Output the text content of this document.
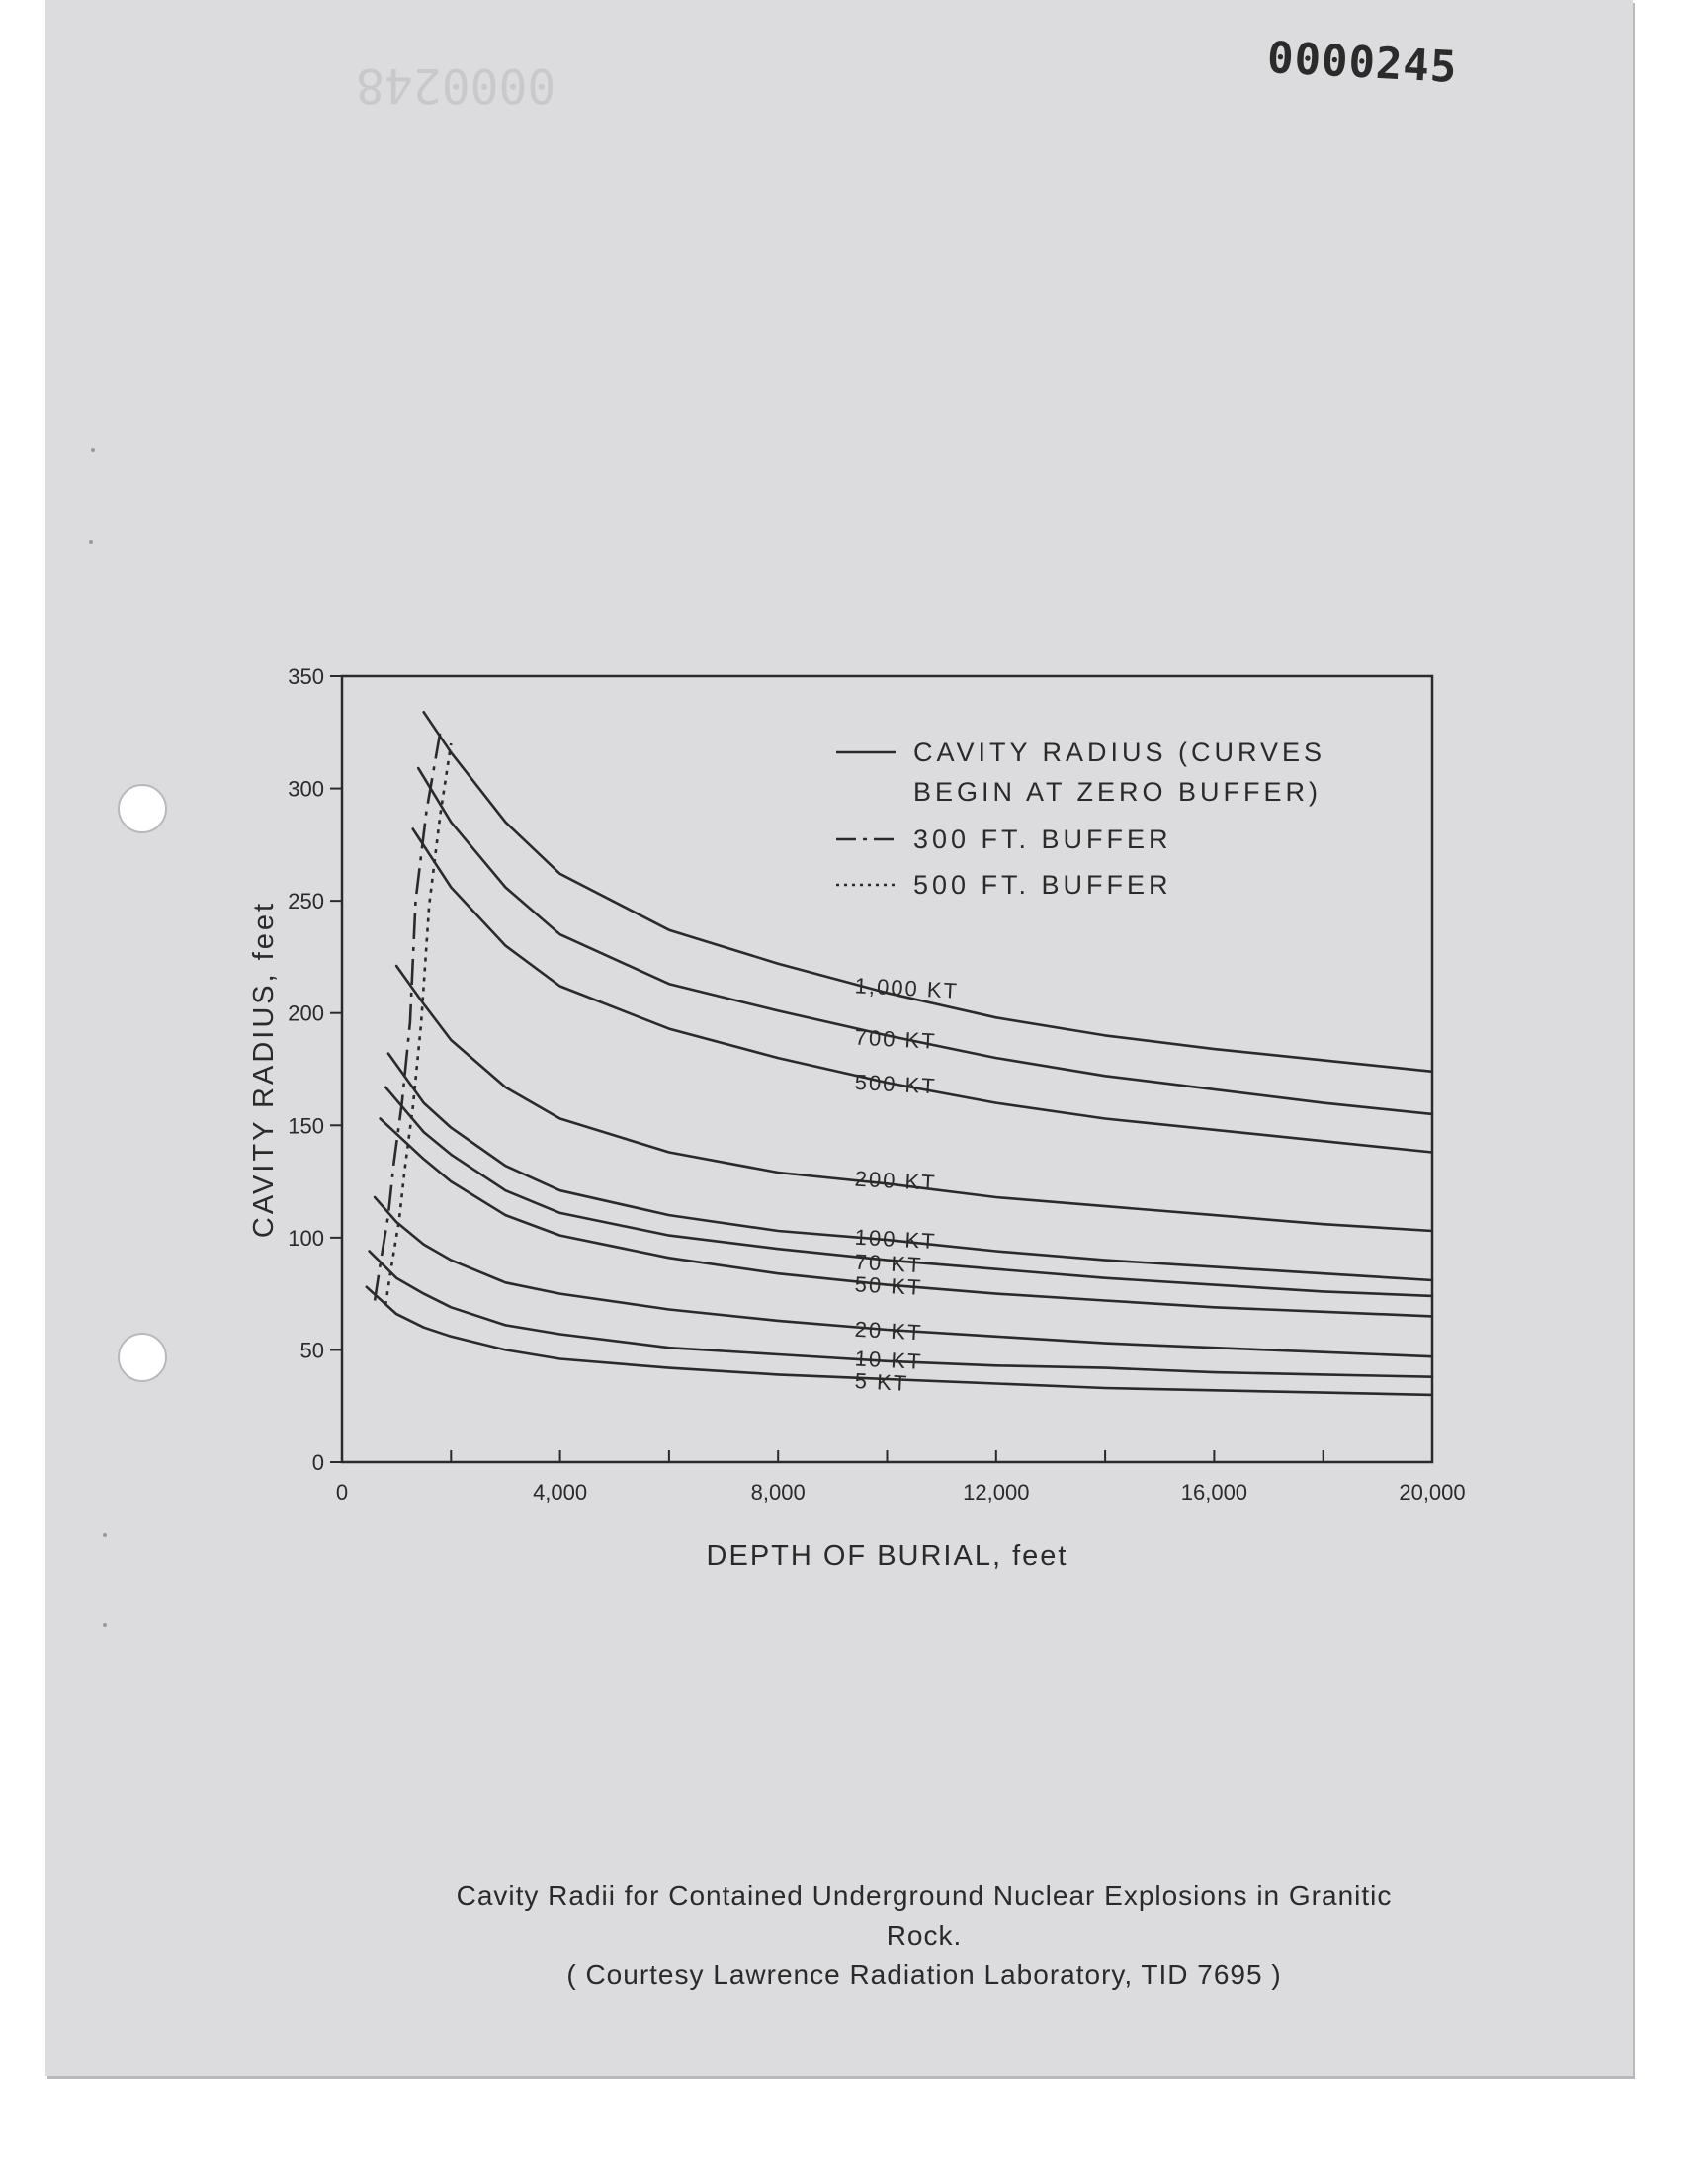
0000248	0000245
0	4,000	8,000	12,000	16,000	20,000
0
50
100
150
200
250
300
350
DEPTH OF BURIAL, feet
CAVITY RADIUS, feet	1,000 KT
700 KT
500 KT
200 KT
100 KT
70 KT
50 KT
20 KT
10 KT
5 KT
CAVITY RADIUS (CURVES
BEGIN AT ZERO BUFFER)
300 FT. BUFFER
500 FT. BUFFER
Cavity Radii for Contained Underground Nuclear Explosions in Granitic
Rock.
( Courtesy Lawrence Radiation Laboratory, TID 7695 )
